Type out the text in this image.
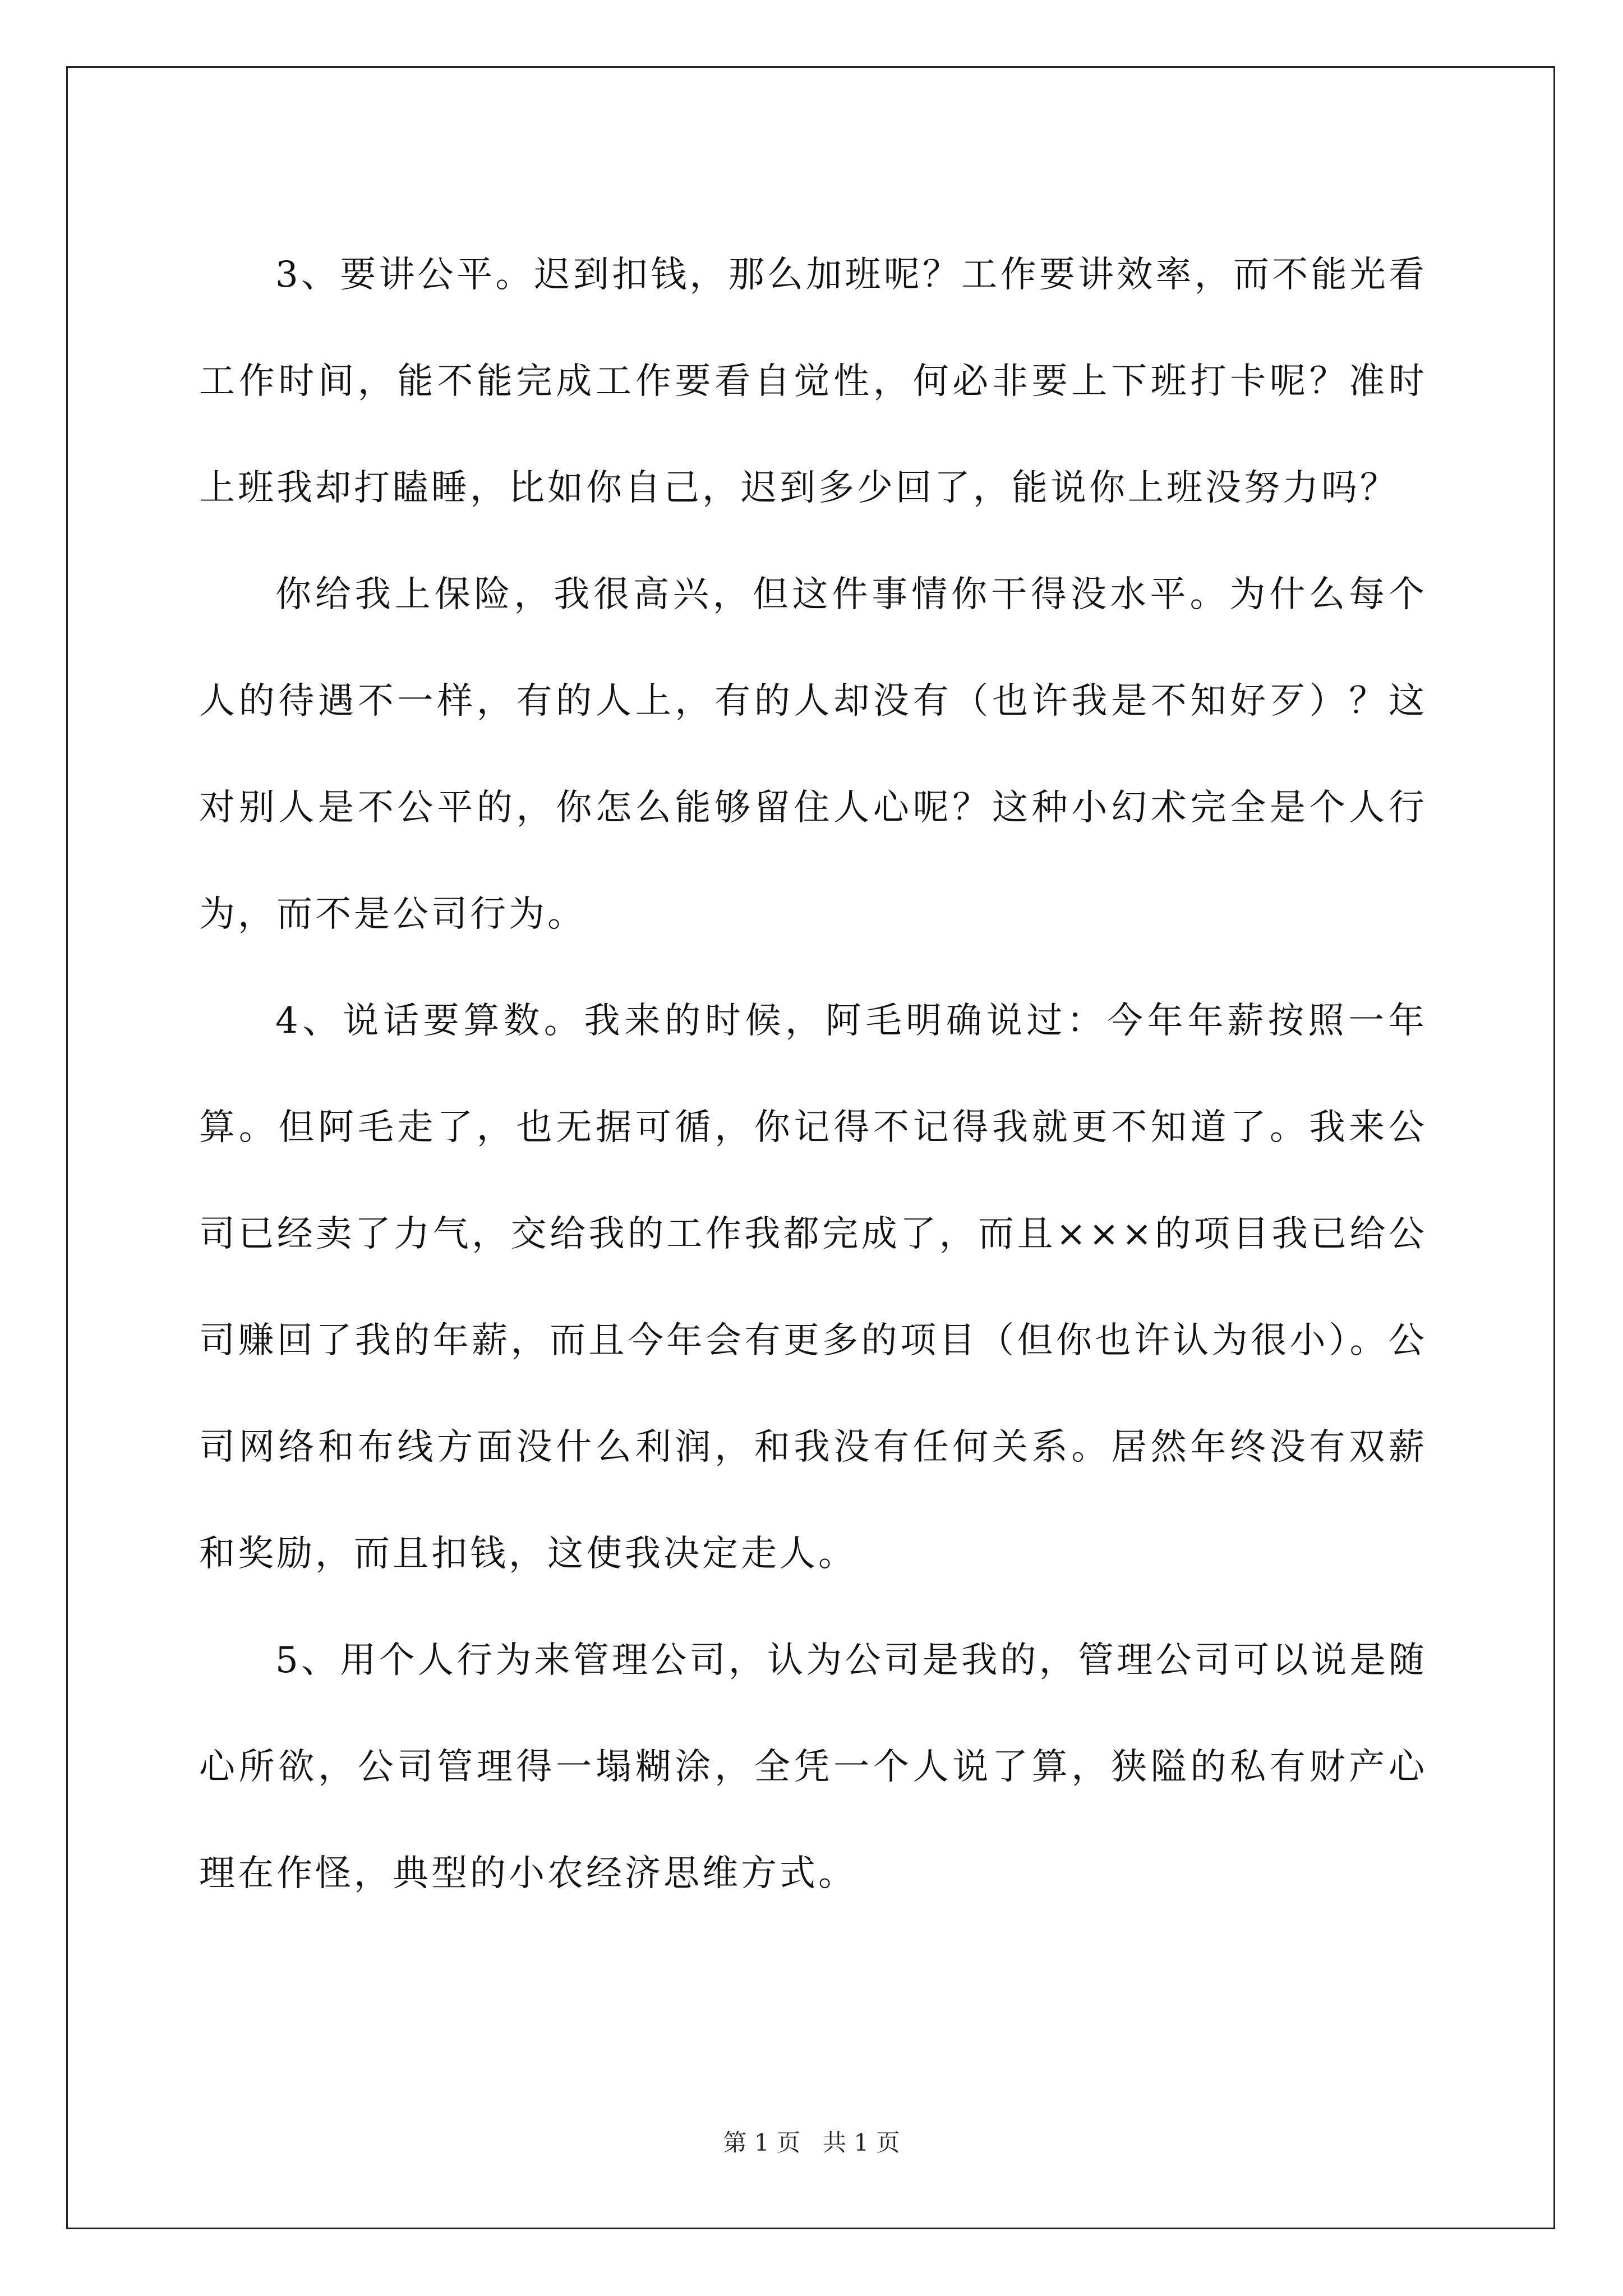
3、要讲公平。迟到扣钱，那么加班呢？工作要讲效率，而不能光看工作时间，能不能完成工作要看自觉性，何必非要上下班打卡呢？准时上班我却打瞌睡，比如你自己，迟到多少回了，能说你上班没努力吗？

你给我上保险，我很高兴，但这件事情你干得没水平。为什么每个人的待遇不一样，有的人上，有的人却没有（也许我是不知好歹）？这对别人是不公平的，你怎么能够留住人心呢？这种小幻术完全是个人行为，而不是公司行为。

4、说话要算数。我来的时候，阿毛明确说过：今年年薪按照一年算。但阿毛走了，也无据可循，你记得不记得我就更不知道了。我来公司已经卖了力气，交给我的工作我都完成了，而且×××的项目我已给公司赚回了我的年薪，而且今年会有更多的项目（但你也许认为很小）。公司网络和布线方面没什么利润，和我没有任何关系。居然年终没有双薪和奖励，而且扣钱，这使我决定走人。

5、用个人行为来管理公司，认为公司是我的，管理公司可以说是随心所欲，公司管理得一塌糊涂，全凭一个人说了算，狭隘的私有财产心理在作怪，典型的小农经济思维方式。

第 1 页   共 1 页
